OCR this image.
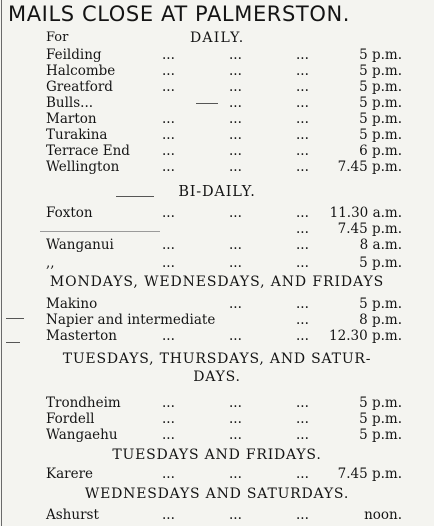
MAILS CLOSE AT PALMERSTON.
For	DAILY.
Feilding	...	...	...	5 p.m.
Halcombe	...	...	...	5 p.m.
Greatford	...	...	...	5 p.m.
Bulls...	...	...	5 p.m.
Marton	...	...	...	5 p.m.
Turakina	...	...	...	5 p.m.
Terrace End ...	...	...	6 p.m.
Wellington	...	...	... 7.45 p.m.
BI-DAILY.
Foxton	...	...	... 11.30 a.m.
... 7.45 p.m.
Wanganui	...	...	...	8 a.m.
,,	...	...	...	5 p.m.
MONDAYS, WEDNESDAYS, AND FRIDAYS
Makino	...	...	5 p.m.
Napier and intermediate	...	8 p.m.
Masterton	...	...	... 12.30 p.m.
TUESDAYS, THURSDAYS, AND SATUR-
DAYS.
Trondheim	...	...	...	5 p.m.
Fordell	...	...	...	5 p.m.
Wangaehu	...	...	...	5 p.m.
TUESDAYS AND FRIDAYS.
Karere	...	...	... 7.45 p.m.
WEDNESDAYS AND SATURDAYS.
Ashurst	...	...	...	noon.
